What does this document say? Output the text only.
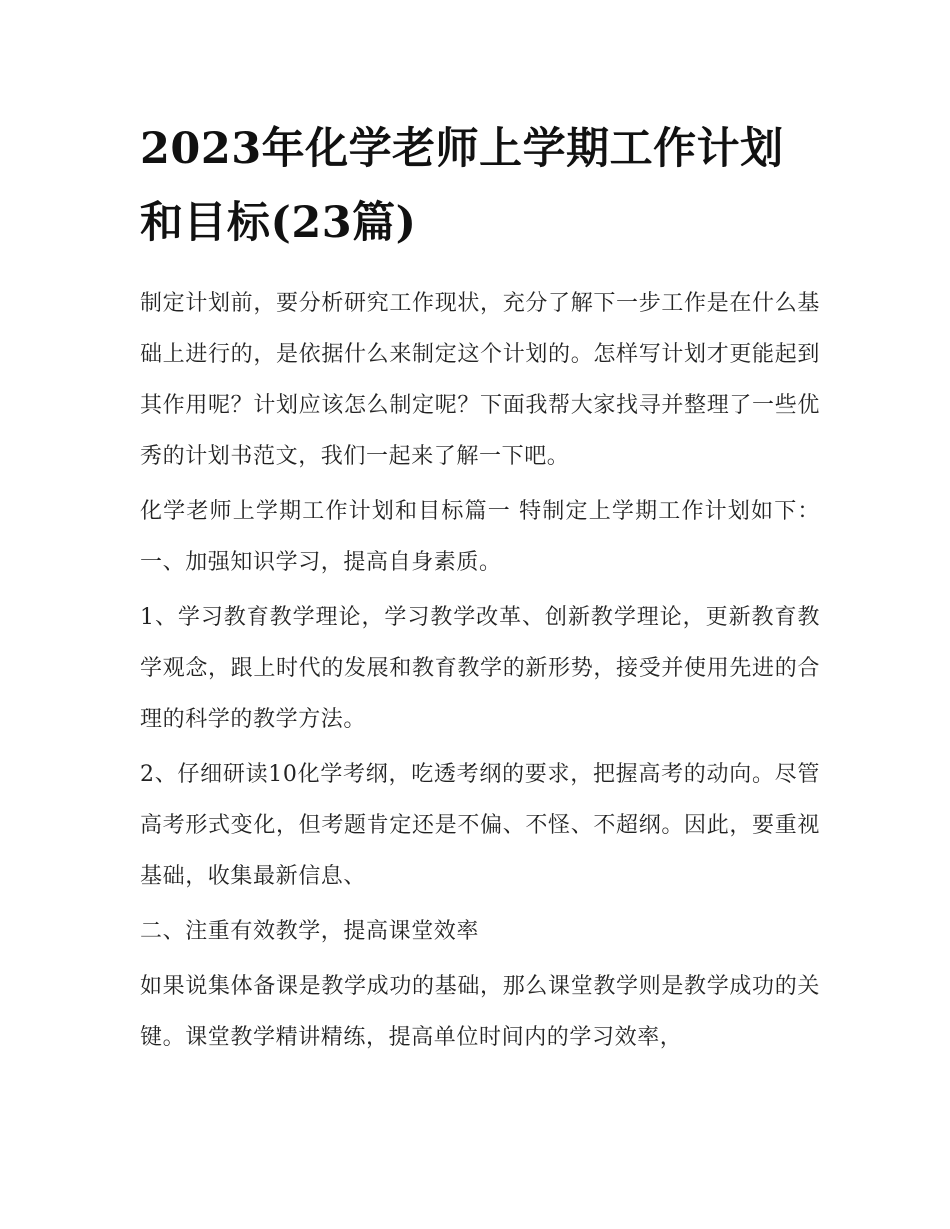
2023年化学老师上学期工作计划和目标(23篇)

制定计划前，要分析研究工作现状，充分了解下一步工作是在什么基础上进行的，是依据什么来制定这个计划的。怎样写计划才更能起到其作用呢？计划应该怎么制定呢？下面我帮大家找寻并整理了一些优秀的计划书范文，我们一起来了解一下吧。

化学老师上学期工作计划和目标篇一 特制定上学期工作计划如下： 一、加强知识学习，提高自身素质。

1、学习教育教学理论，学习教学改革、创新教学理论，更新教育教学观念，跟上时代的发展和教育教学的新形势，接受并使用先进的合理的科学的教学方法。

2、仔细研读10化学考纲，吃透考纲的要求，把握高考的动向。尽管高考形式变化，但考题肯定还是不偏、不怪、不超纲。因此，要重视基础，收集最新信息、

二、注重有效教学，提高课堂效率

如果说集体备课是教学成功的基础，那么课堂教学则是教学成功的关键。课堂教学精讲精练，提高单位时间内的学习效率，
